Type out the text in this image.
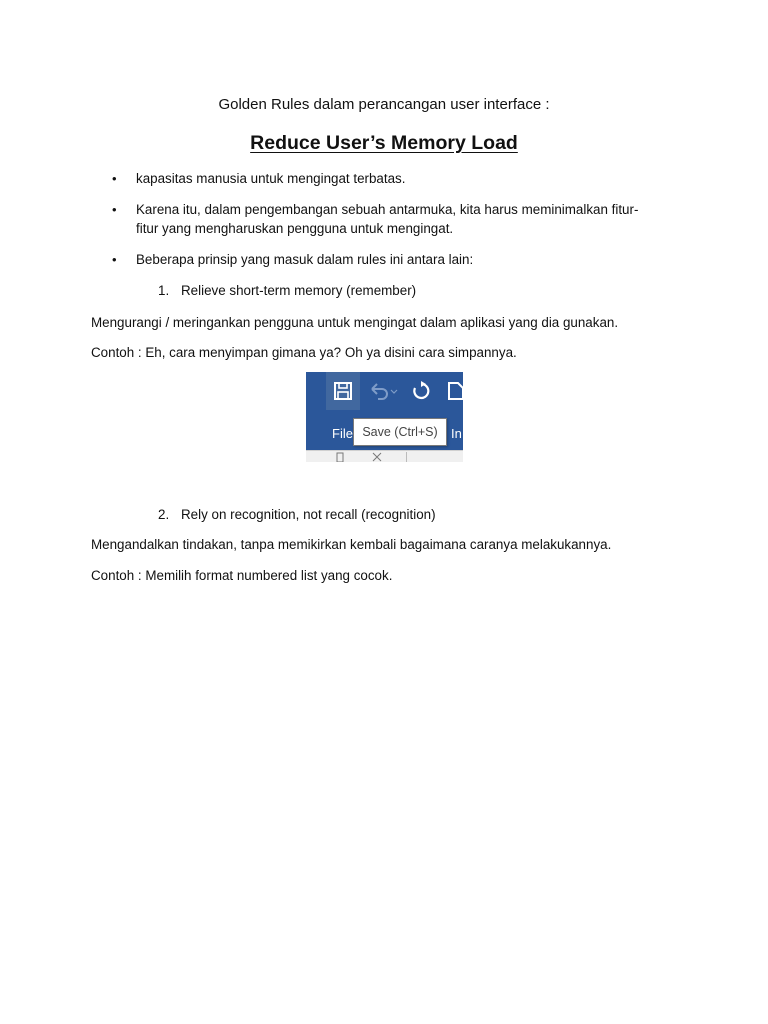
Golden Rules dalam perancangan user interface :
Reduce User’s Memory Load
• kapasitas manusia untuk mengingat terbatas.
• Karena itu, dalam pengembangan sebuah antarmuka, kita harus meminimalkan fitur-
fitur yang mengharuskan pengguna untuk mengingat.
• Beberapa prinsip yang masuk dalam rules ini antara lain:
1. Relieve short-term memory (remember)
Mengurangi / meringankan pengguna untuk mengingat dalam aplikasi yang dia gunakan.
Contoh : Eh, cara menyimpan gimana ya? Oh ya disini cara simpannya.
File	In
Save (Ctrl+S)
2. Rely on recognition, not recall (recognition)
Mengandalkan tindakan, tanpa memikirkan kembali bagaimana caranya melakukannya.
Contoh : Memilih format numbered list yang cocok.
